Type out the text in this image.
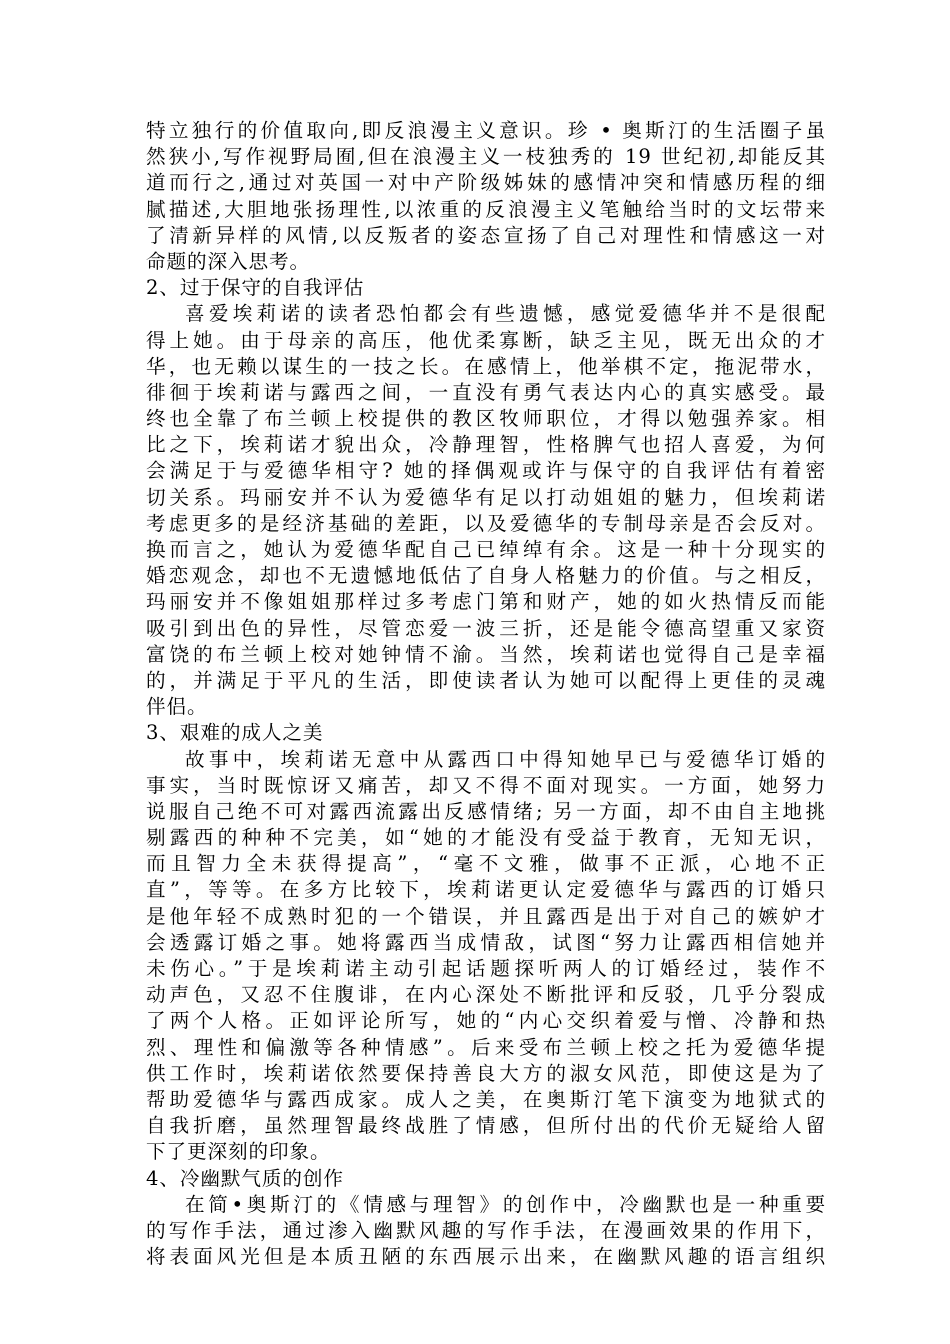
特立独行的价值取向,即反浪漫主义意识。珍 • 奥斯汀的生活圈子虽
然狭小,写作视野局囿,但在浪漫主义一枝独秀的 19 世纪初,却能反其
道而行之,通过对英国一对中产阶级姊妹的感情冲突和情感历程的细
腻描述,大胆地张扬理性,以浓重的反浪漫主义笔触给当时的文坛带来
了清新异样的风情,以反叛者的姿态宣扬了自己对理性和情感这一对
命题的深入思考。
2、过于保守的自我评估
喜爱埃莉诺的读者恐怕都会有些遗憾，感觉爱德华并不是很配
得上她。由于母亲的高压，他优柔寡断，缺乏主见，既无出众的才
华，也无赖以谋生的一技之长。在感情上，他举棋不定，拖泥带水，
徘徊于埃莉诺与露西之间，一直没有勇气表达内心的真实感受。最
终也全靠了布兰顿上校提供的教区牧师职位，才得以勉强养家。相
比之下，埃莉诺才貌出众，冷静理智，性格脾气也招人喜爱，为何
会满足于与爱德华相守? 她的择偶观或许与保守的自我评估有着密
切关系。玛丽安并不认为爱德华有足以打动姐姐的魅力，但埃莉诺
考虑更多的是经济基础的差距，以及爱德华的专制母亲是否会反对。
换而言之，她认为爱德华配自己已绰绰有余。这是一种十分现实的
婚恋观念，却也不无遗憾地低估了自身人格魅力的价值。与之相反，
玛丽安并不像姐姐那样过多考虑门第和财产，她的如火热情反而能
吸引到出色的异性，尽管恋爱一波三折，还是能令德高望重又家资
富饶的布兰顿上校对她钟情不渝。当然，埃莉诺也觉得自己是幸福
的，并满足于平凡的生活，即使读者认为她可以配得上更佳的灵魂
伴侣。
3、艰难的成人之美
故事中，埃莉诺无意中从露西口中得知她早已与爱德华订婚的
事实，当时既惊讶又痛苦，却又不得不面对现实。一方面，她努力
说服自己绝不可对露西流露出反感情绪; 另一方面，却不由自主地挑
剔露西的种种不完美，如“她的才能没有受益于教育，无知无识，
而且智力全未获得提高”，“毫不文雅，做事不正派，心地不正
直”，等等。在多方比较下，埃莉诺更认定爱德华与露西的订婚只
是他年轻不成熟时犯的一个错误，并且露西是出于对自己的嫉妒才
会透露订婚之事。她将露西当成情敌，试图“努力让露西相信她并
未伤心。”于是埃莉诺主动引起话题探听两人的订婚经过，装作不
动声色，又忍不住腹诽，在内心深处不断批评和反驳，几乎分裂成
了两个人格。正如评论所写，她的“内心交织着爱与憎、冷静和热
烈、理性和偏激等各种情感”。后来受布兰顿上校之托为爱德华提
供工作时，埃莉诺依然要保持善良大方的淑女风范，即使这是为了
帮助爱德华与露西成家。成人之美，在奥斯汀笔下演变为地狱式的
自我折磨，虽然理智最终战胜了情感，但所付出的代价无疑给人留
下了更深刻的印象。
4、冷幽默气质的创作
在简•奥斯汀的《情感与理智》的创作中，冷幽默也是一种重要
的写作手法，通过渗入幽默风趣的写作手法，在漫画效果的作用下，
将表面风光但是本质丑陋的东西展示出来，在幽默风趣的语言组织
